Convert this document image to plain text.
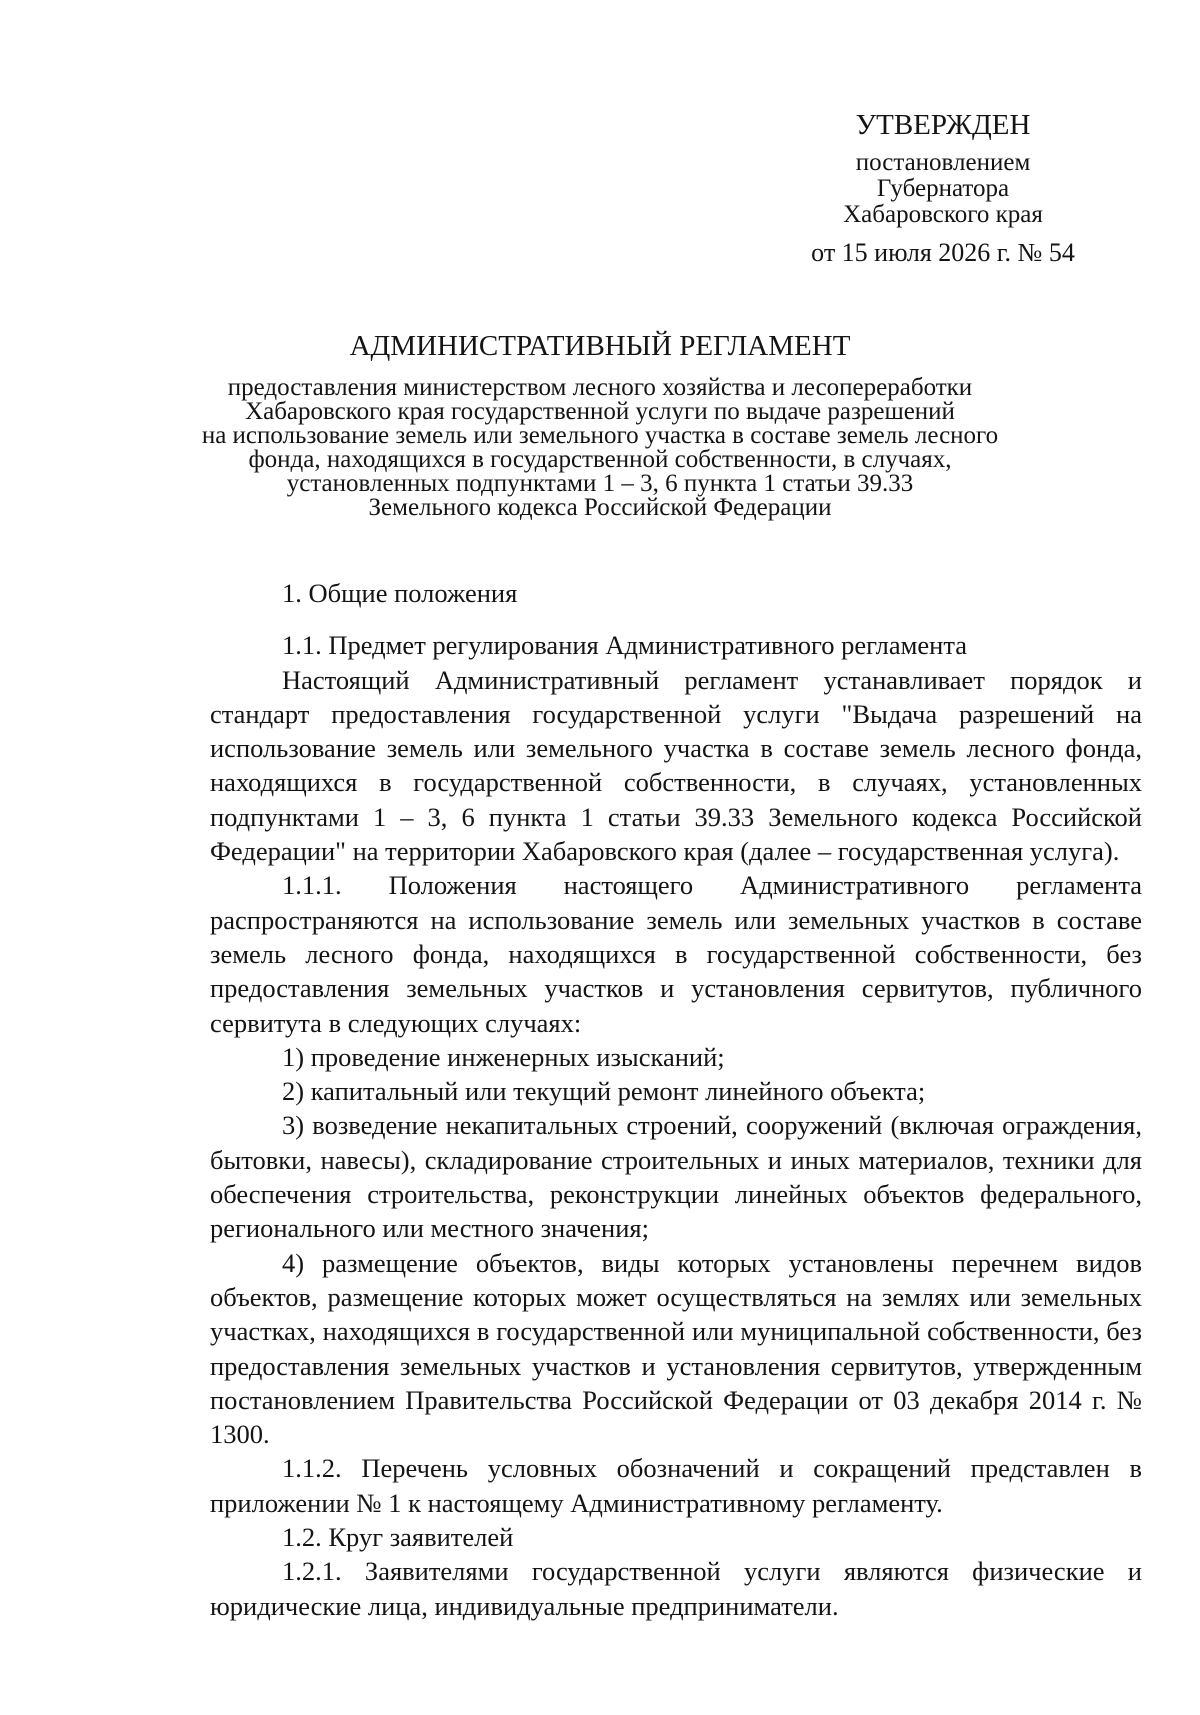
УТВЕРЖДЕН
постановлением
Губернатора
Хабаровского края
от 15 июля 2026 г. № 54
АДМИНИСТРАТИВНЫЙ РЕГЛАМЕНТ
предоставления министерством лесного хозяйства и лесопереработки
Хабаровского края государственной услуги по выдаче разрешений
на использование земель или земельного участка в составе земель лесного
фонда, находящихся в государственной собственности, в случаях,
установленных подпунктами 1 – 3, 6 пункта 1 статьи 39.33
Земельного кодекса Российской Федерации

1. Общие положения

1.1. Предмет регулирования Административного регламента

Настоящий Административный регламент устанавливает порядок и стандарт предоставления государственной услуги "Выдача разрешений на использование земель или земельного участка в составе земель лесного фонда, находящихся в государственной собственности, в случаях, установленных подпунктами 1 – 3, 6 пункта 1 статьи 39.33 Земельного кодекса Российской Федерации" на территории Хабаровского края (далее – государственная услуга).

1.1.1. Положения настоящего Административного регламента распространяются на использование земель или земельных участков в составе земель лесного фонда, находящихся в государственной собственности, без предоставления земельных участков и установления сервитутов, публичного сервитута в следующих случаях:

1) проведение инженерных изысканий;

2) капитальный или текущий ремонт линейного объекта;

3) возведение некапитальных строений, сооружений (включая ограждения, бытовки, навесы), складирование строительных и иных материалов, техники для обеспечения строительства, реконструкции линейных объектов федерального, регионального или местного значения;

4) размещение объектов, виды которых установлены перечнем видов объектов, размещение которых может осуществляться на землях или земельных участках, находящихся в государственной или муниципальной собственности, без предоставления земельных участков и установления сервитутов, утвержденным постановлением Правительства Российской Федерации от 03 декабря 2014 г. № 1300.

1.1.2. Перечень условных обозначений и сокращений представлен в приложении № 1 к настоящему Административному регламенту.

1.2. Круг заявителей

1.2.1. Заявителями государственной услуги являются физические и юридические лица, индивидуальные предприниматели.
